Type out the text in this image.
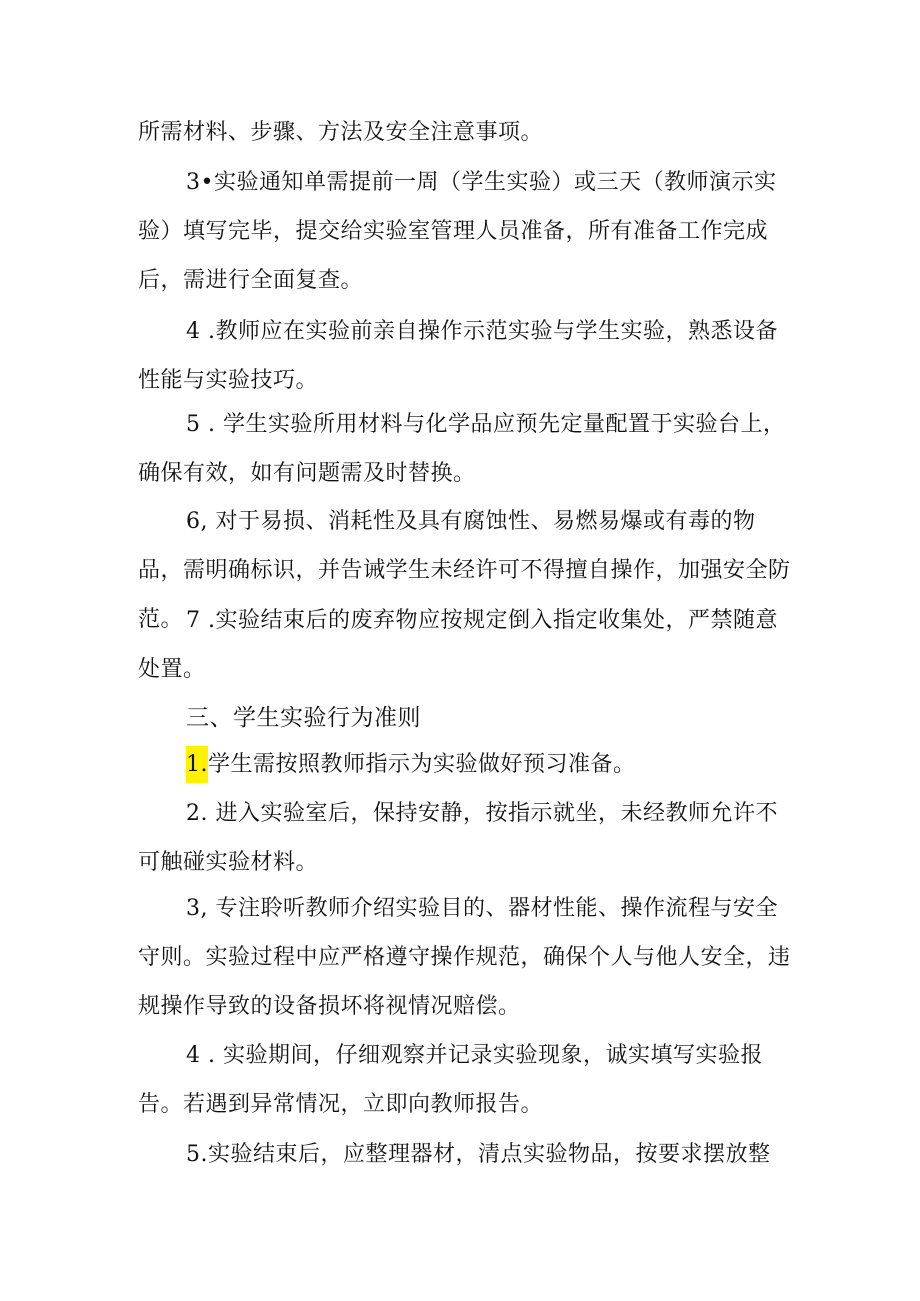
所需材料、步骤、方法及安全注意事项。

3•实验通知单需提前一周（学生实验）或三天（教师演示实验）填写完毕，提交给实验室管理人员准备，所有准备工作完成后，需进行全面复查。

4 .教师应在实验前亲自操作示范实验与学生实验，熟悉设备性能与实验技巧。

5 . 学生实验所用材料与化学品应预先定量配置于实验台上，确保有效，如有问题需及时替换。

6, 对于易损、消耗性及具有腐蚀性、易燃易爆或有毒的物品，需明确标识，并告诫学生未经许可不得擅自操作，加强安全防范。 7 .实验结束后的废弃物应按规定倒入指定收集处，严禁随意处置。

三、学生实验行为准则

1.学生需按照教师指示为实验做好预习准备。

2. 进入实验室后，保持安静，按指示就坐，未经教师允许不可触碰实验材料。

3, 专注聆听教师介绍实验目的、器材性能、操作流程与安全守则。实验过程中应严格遵守操作规范，确保个人与他人安全，违规操作导致的设备损坏将视情况赔偿。

4 . 实验期间，仔细观察并记录实验现象，诚实填写实验报告。若遇到异常情况，立即向教师报告。

5.实验结束后，应整理器材，清点实验物品，按要求摆放整
